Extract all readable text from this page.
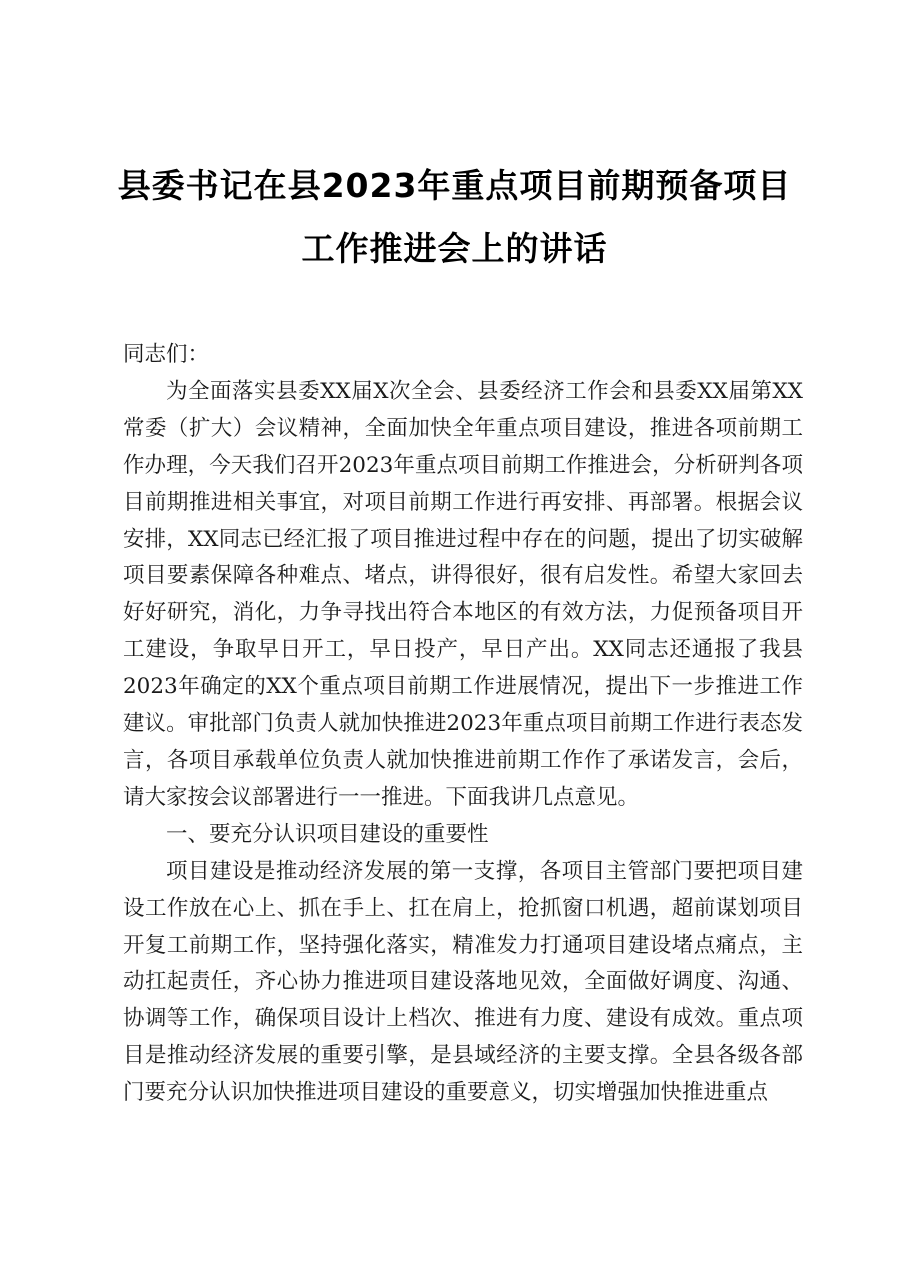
县委书记在县2023年重点项目前期预备项目
工作推进会上的讲话

同志们：

为全面落实县委XX届X次全会、县委经济工作会和县委XX届第XX常委（扩大）会议精神，全面加快全年重点项目建设，推进各项前期工作办理，今天我们召开2023年重点项目前期工作推进会，分析研判各项目前期推进相关事宜，对项目前期工作进行再安排、再部署。根据会议安排，XX同志已经汇报了项目推进过程中存在的问题，提出了切实破解项目要素保障各种难点、堵点，讲得很好，很有启发性。希望大家回去好好研究，消化，力争寻找出符合本地区的有效方法，力促预备项目开工建设，争取早日开工，早日投产，早日产出。XX同志还通报了我县2023年确定的XX个重点项目前期工作进展情况，提出下一步推进工作建议。审批部门负责人就加快推进2023年重点项目前期工作进行表态发言，各项目承载单位负责人就加快推进前期工作作了承诺发言，会后，请大家按会议部署进行一一推进。下面我讲几点意见。

一、要充分认识项目建设的重要性

项目建设是推动经济发展的第一支撑，各项目主管部门要把项目建设工作放在心上、抓在手上、扛在肩上，抢抓窗口机遇，超前谋划项目开复工前期工作，坚持强化落实，精准发力打通项目建设堵点痛点，主动扛起责任，齐心协力推进项目建设落地见效，全面做好调度、沟通、协调等工作，确保项目设计上档次、推进有力度、建设有成效。重点项目是推动经济发展的重要引擎，是县域经济的主要支撑。全县各级各部门要充分认识加快推进项目建设的重要意义，切实增强加快推进重点
